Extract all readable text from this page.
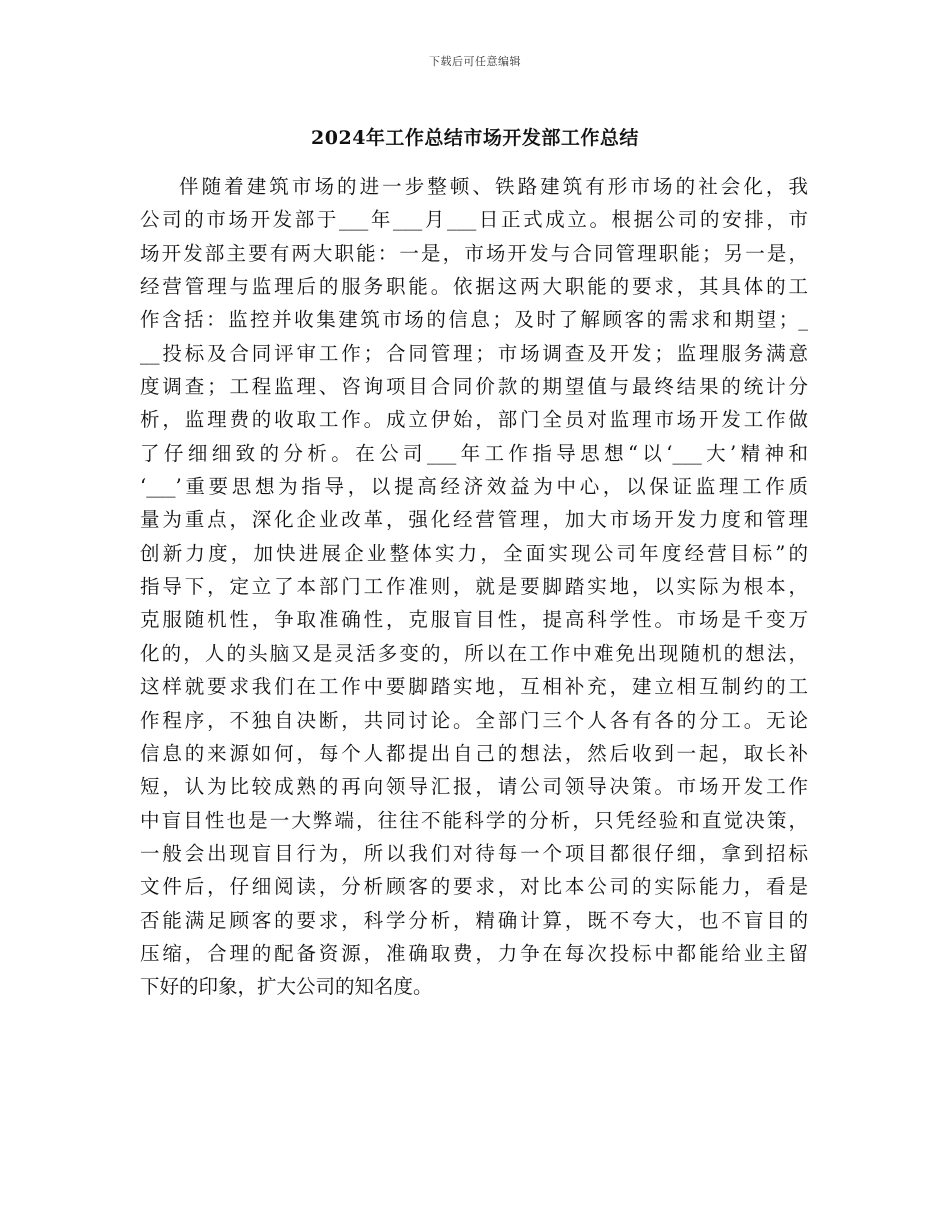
下载后可任意编辑
2024年工作总结市场开发部工作总结
伴随着建筑市场的进一步整顿、铁路建筑有形市场的社会化，我
公司的市场开发部于___年___月___日正式成立。根据公司的安排，市
场开发部主要有两大职能：一是，市场开发与合同管理职能；另一是，
经营管理与监理后的服务职能。依据这两大职能的要求，其具体的工
作含括：监控并收集建筑市场的信息；及时了解顾客的需求和期望；_
__投标及合同评审工作；合同管理；市场调查及开发；监理服务满意
度调查；工程监理、咨询项目合同价款的期望值与最终结果的统计分
析，监理费的收取工作。成立伊始，部门全员对监理市场开发工作做
了仔细细致的分析。在公司___年工作指导思想“以‘___大’精神和
‘___’重要思想为指导，以提高经济效益为中心，以保证监理工作质
量为重点，深化企业改革，强化经营管理，加大市场开发力度和管理
创新力度，加快进展企业整体实力，全面实现公司年度经营目标”的
指导下，定立了本部门工作准则，就是要脚踏实地，以实际为根本，
克服随机性，争取准确性，克服盲目性，提高科学性。市场是千变万
化的，人的头脑又是灵活多变的，所以在工作中难免出现随机的想法，
这样就要求我们在工作中要脚踏实地，互相补充，建立相互制约的工
作程序，不独自决断，共同讨论。全部门三个人各有各的分工。无论
信息的来源如何，每个人都提出自己的想法，然后收到一起，取长补
短，认为比较成熟的再向领导汇报，请公司领导决策。市场开发工作
中盲目性也是一大弊端，往往不能科学的分析，只凭经验和直觉决策，
一般会出现盲目行为，所以我们对待每一个项目都很仔细，拿到招标
文件后，仔细阅读，分析顾客的要求，对比本公司的实际能力，看是
否能满足顾客的要求，科学分析，精确计算，既不夸大，也不盲目的
压缩，合理的配备资源，准确取费，力争在每次投标中都能给业主留
下好的印象，扩大公司的知名度。
